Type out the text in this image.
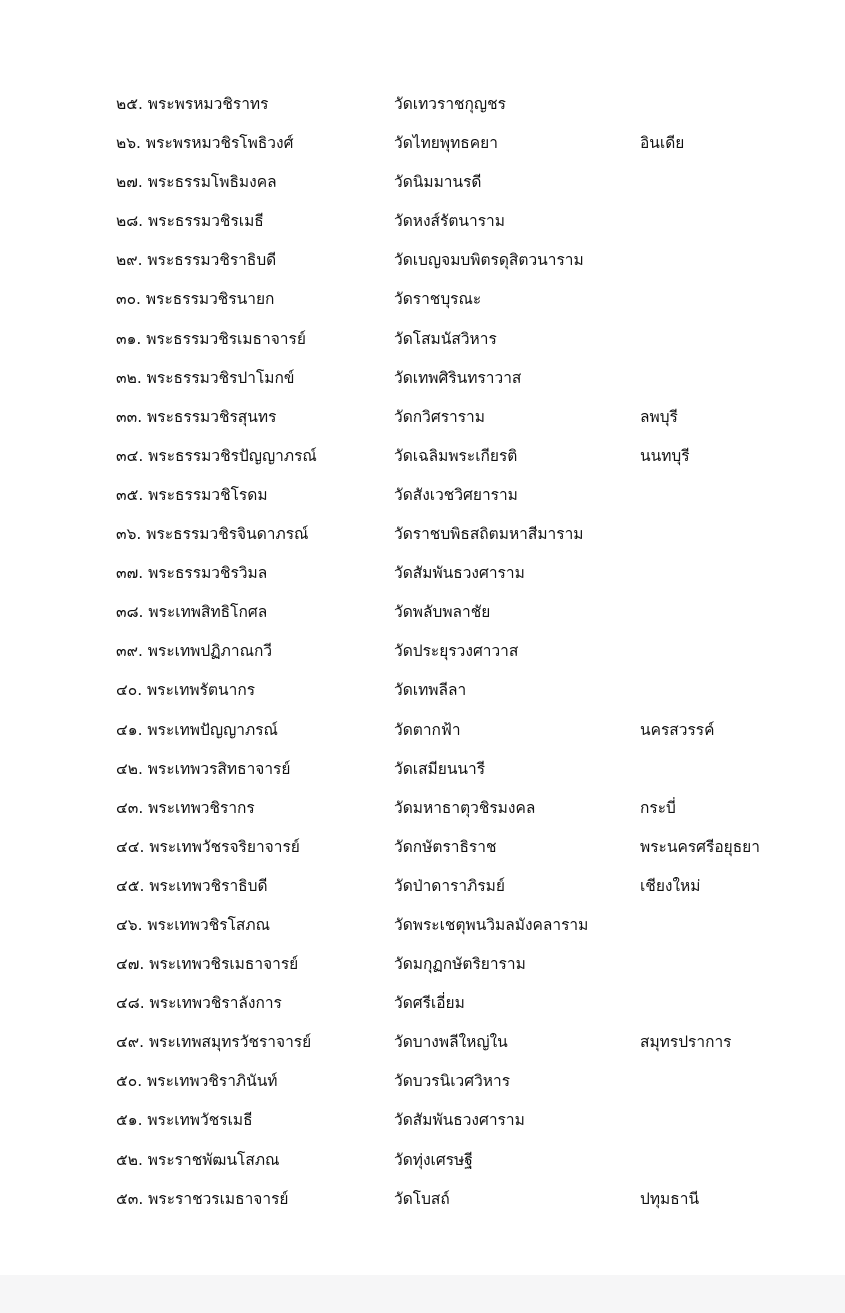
๒๕. พระพรหมวชิราทร	วัดเทวราชกุญชร
๒๖. พระพรหมวชิรโพธิวงศ์	วัดไทยพุทธคยา	อินเดีย
๒๗. พระธรรมโพธิมงคล	วัดนิมมานรดี
๒๘. พระธรรมวชิรเมธี	วัดหงส์รัตนาราม
๒๙. พระธรรมวชิราธิบดี	วัดเบญจมบพิตรดุสิตวนาราม
๓๐. พระธรรมวชิรนายก	วัดราชบุรณะ
๓๑. พระธรรมวชิรเมธาจารย์	วัดโสมนัสวิหาร
๓๒. พระธรรมวชิรปาโมกข์	วัดเทพศิรินทราวาส
๓๓. พระธรรมวชิรสุนทร	วัดกวิศราราม	ลพบุรี
๓๔. พระธรรมวชิรปัญญาภรณ์	วัดเฉลิมพระเกียรติ	นนทบุรี
๓๕. พระธรรมวชิโรดม	วัดสังเวชวิศยาราม
๓๖. พระธรรมวชิรจินดาภรณ์	วัดราชบพิธสถิตมหาสีมาราม
๓๗. พระธรรมวชิรวิมล	วัดสัมพันธวงศาราม
๓๘. พระเทพสิทธิโกศล	วัดพลับพลาชัย
๓๙. พระเทพปฏิภาณกวี	วัดประยุรวงศาวาส
๔๐. พระเทพรัตนากร	วัดเทพลีลา
๔๑. พระเทพปัญญาภรณ์	วัดตากฟ้า	นครสวรรค์
๔๒. พระเทพวรสิทธาจารย์	วัดเสมียนนารี
๔๓. พระเทพวชิรากร	วัดมหาธาตุวชิรมงคล	กระบี่
๔๔. พระเทพวัชรจริยาจารย์	วัดกษัตราธิราช	พระนครศรีอยุธยา
๔๕. พระเทพวชิราธิบดี	วัดป่าดาราภิรมย์	เชียงใหม่
๔๖. พระเทพวชิรโสภณ	วัดพระเชตุพนวิมลมังคลาราม
๔๗. พระเทพวชิรเมธาจารย์	วัดมกุฏกษัตริยาราม
๔๘. พระเทพวชิราลังการ	วัดศรีเอี่ยม
๔๙. พระเทพสมุทรวัชราจารย์	วัดบางพลีใหญ่ใน	สมุทรปราการ
๕๐. พระเทพวชิราภินันท์	วัดบวรนิเวศวิหาร
๕๑. พระเทพวัชรเมธี	วัดสัมพันธวงศาราม
๕๒. พระราชพัฒนโสภณ	วัดทุ่งเศรษฐี
๕๓. พระราชวรเมธาจารย์	วัดโบสถ์	ปทุมธานี
